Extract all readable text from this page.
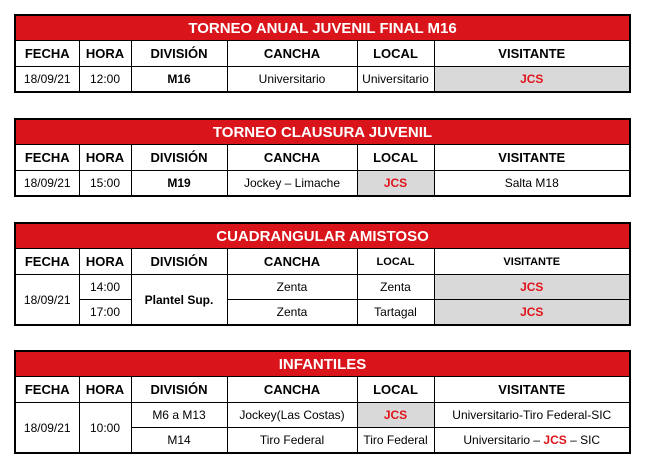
TORNEO ANUAL JUVENIL FINAL M16					
FECHA	HORA	DIVISIÓN	CANCHA	LOCAL	VISITANTE
18/09/21	12:00	M16	Universitario	Universitario	JCS
TORNEO CLAUSURA JUVENIL					
FECHA	HORA	DIVISIÓN	CANCHA	LOCAL	VISITANTE
18/09/21	15:00	M19	Jockey – Limache	JCS	Salta M18
CUADRANGULAR AMISTOSO					
FECHA	HORA	DIVISIÓN	CANCHA	LOCAL	VISITANTE
18/09/21	14:00	Plantel Sup.	Zenta	Zenta	JCS
	17:00		Zenta	Tartagal	JCS
INFANTILES					
FECHA	HORA	DIVISIÓN	CANCHA	LOCAL	VISITANTE
18/09/21	10:00	M6 a M13	Jockey(Las Costas)	JCS	Universitario-Tiro Federal-SIC
		M14	Tiro Federal	Tiro Federal	Universitario – JCS – SIC
